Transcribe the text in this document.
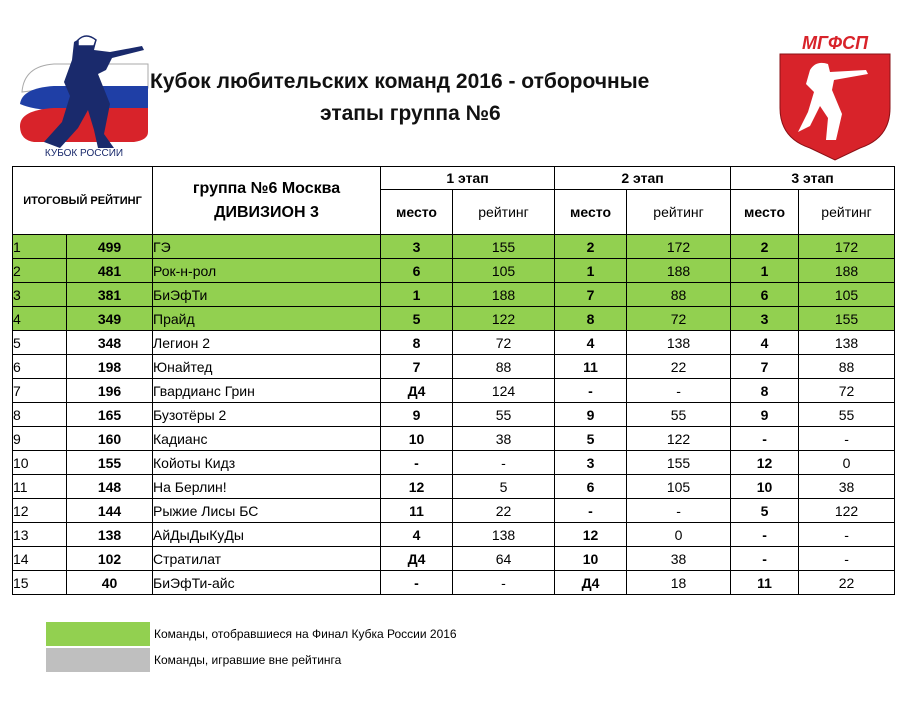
КУБОК РОССИИ
МГФСП
Кубок любительских команд 2016 - отборочные
этапы группа №6
ИТОГОВЫЙ РЕЙТИНГ		группа №6 Москва
ДИВИЗИОН 3	1 этап		2 этап		3 этап	
			место	рейтинг	место	рейтинг	место	рейтинг
1	499	ГЭ	3	155	2	172	2	172
2	481	Рок-н-рол	6	105	1	188	1	188
3	381	БиЭфТи	1	188	7	88	6	105
4	349	Прайд	5	122	8	72	3	155
5	348	Легион 2	8	72	4	138	4	138
6	198	Юнайтед	7	88	11	22	7	88
7	196	Гвардианс Грин	Д4	124	-	-	8	72
8	165	Бузотёры 2	9	55	9	55	9	55
9	160	Кадианс	10	38	5	122	-	-
10	155	Койоты Кидз	-	-	3	155	12	0
11	148	На Берлин!	12	5	6	105	10	38
12	144	Рыжие Лисы БС	11	22	-	-	5	122
13	138	АйДыДыКуДы	4	138	12	0	-	-
14	102	Стратилат	Д4	64	10	38	-	-
15	40	БиЭфТи-айс	-	-	Д4	18	11	22
Команды, отобравшиеся на Финал Кубка России 2016
Команды, игравшие вне рейтинга
